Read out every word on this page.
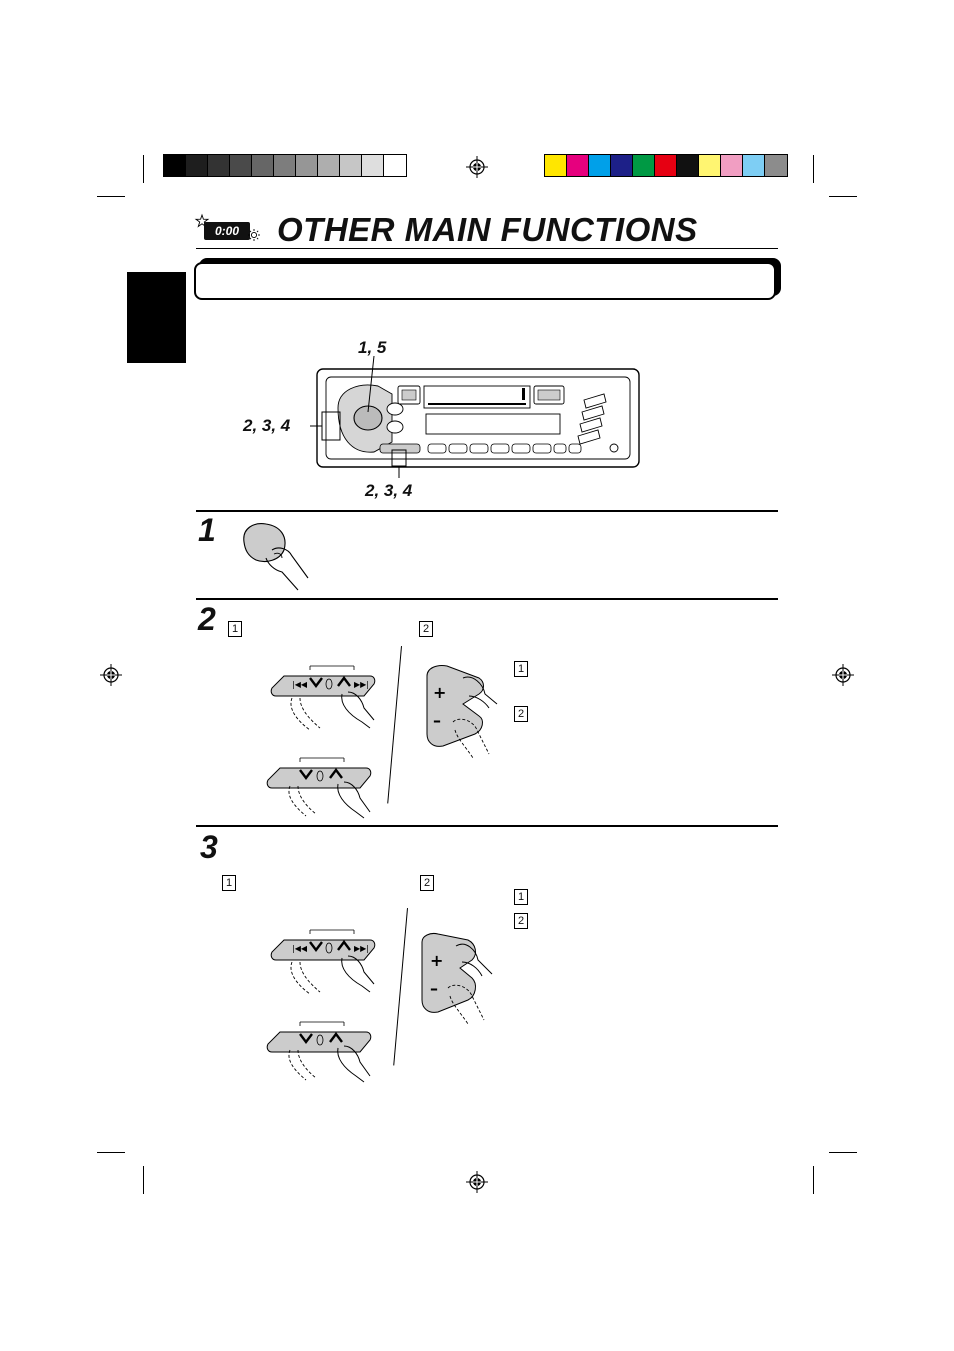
0:00	OTHER MAIN FUNCTIONS
1, 5
2, 3, 4
2, 3, 4
1
2	1	2
|◀◀	▶▶|	+
–
1
2
3
1	2
1
2
|◀◀	▶▶|
+
–
